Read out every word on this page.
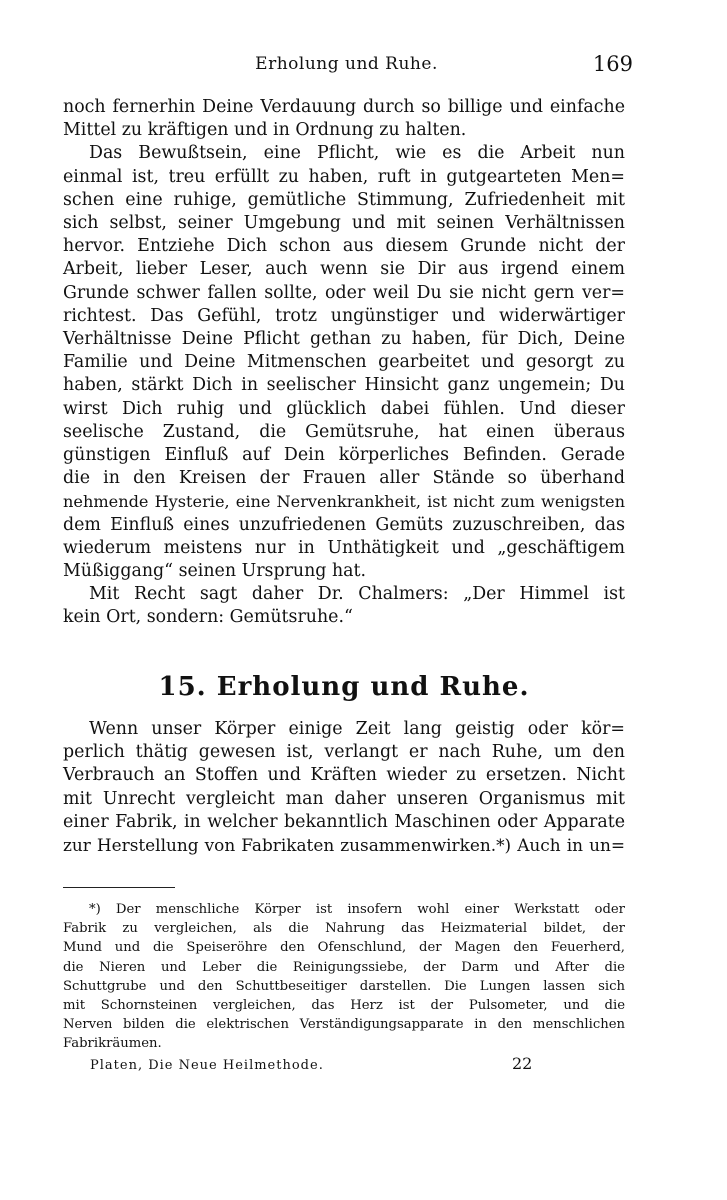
Erholung und Ruhe.	169
noch fernerhin Deine Verdauung durch so billige und einfache
Mittel zu kräftigen und in Ordnung zu halten.
Das Bewußtsein, eine Pflicht, wie es die Arbeit nun
einmal ist, treu erfüllt zu haben, ruft in gutgearteten Men=
schen eine ruhige, gemütliche Stimmung, Zufriedenheit mit
sich selbst, seiner Umgebung und mit seinen Verhältnissen
hervor. Entziehe Dich schon aus diesem Grunde nicht der
Arbeit, lieber Leser, auch wenn sie Dir aus irgend einem
Grunde schwer fallen sollte, oder weil Du sie nicht gern ver=
richtest. Das Gefühl, trotz ungünstiger und widerwärtiger
Verhältnisse Deine Pflicht gethan zu haben, für Dich, Deine
Familie und Deine Mitmenschen gearbeitet und gesorgt zu
haben, stärkt Dich in seelischer Hinsicht ganz ungemein; Du
wirst Dich ruhig und glücklich dabei fühlen. Und dieser
seelische Zustand, die Gemütsruhe, hat einen überaus
günstigen Einfluß auf Dein körperliches Befinden. Gerade
die in den Kreisen der Frauen aller Stände so überhand
nehmende Hysterie, eine Nervenkrankheit, ist nicht zum wenigsten
dem Einfluß eines unzufriedenen Gemüts zuzuschreiben, das
wiederum meistens nur in Unthätigkeit und „geschäftigem
Müßiggang“ seinen Ursprung hat.
Mit Recht sagt daher Dr. Chalmers: „Der Himmel ist
kein Ort, sondern: Gemütsruhe.“
15. Erholung und Ruhe.
Wenn unser Körper einige Zeit lang geistig oder kör=
perlich thätig gewesen ist, verlangt er nach Ruhe, um den
Verbrauch an Stoffen und Kräften wieder zu ersetzen. Nicht
mit Unrecht vergleicht man daher unseren Organismus mit
einer Fabrik, in welcher bekanntlich Maschinen oder Apparate
zur Herstellung von Fabrikaten zusammenwirken.*) Auch in un=
*) Der menschliche Körper ist insofern wohl einer Werkstatt oder
Fabrik zu vergleichen, als die Nahrung das Heizmaterial bildet, der
Mund und die Speiseröhre den Ofenschlund, der Magen den Feuerherd,
die Nieren und Leber die Reinigungssiebe, der Darm und After die
Schuttgrube und den Schuttbeseitiger darstellen. Die Lungen lassen sich
mit Schornsteinen vergleichen, das Herz ist der Pulsometer, und die
Nerven bilden die elektrischen Verständigungsapparate in den menschlichen
Fabrikräumen.
Platen, Die Neue Heilmethode.	22
